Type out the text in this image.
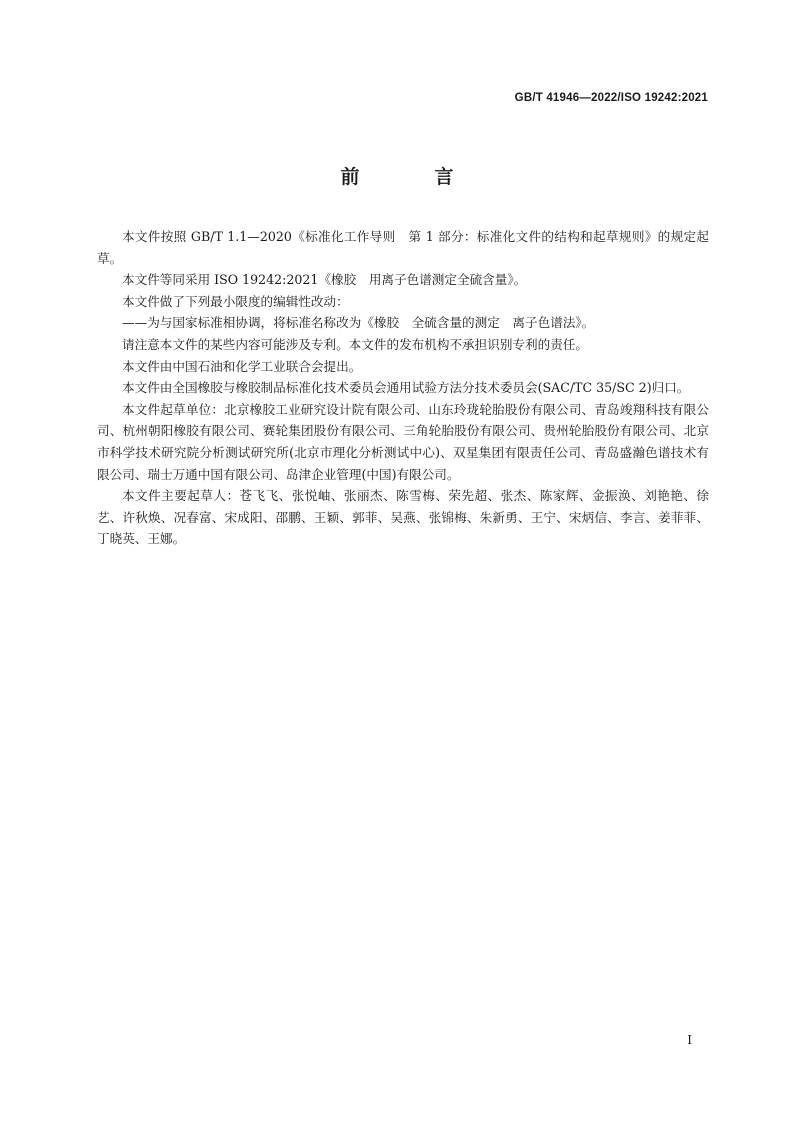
GB/T 41946—2022/ISO 19242:2021
前　言

本文件按照 GB/T 1.1—2020《标准化工作导则　第 1 部分：标准化文件的结构和起草规则》的规定起草。

本文件等同采用 ISO 19242:2021《橡胶　用离子色谱测定全硫含量》。

本文件做了下列最小限度的编辑性改动：

——为与国家标准相协调，将标准名称改为《橡胶　全硫含量的测定　离子色谱法》。

请注意本文件的某些内容可能涉及专利。本文件的发布机构不承担识别专利的责任。

本文件由中国石油和化学工业联合会提出。

本文件由全国橡胶与橡胶制品标准化技术委员会通用试验方法分技术委员会(SAC/TC 35/SC 2)归口。

本文件起草单位：北京橡胶工业研究设计院有限公司、山东玲珑轮胎股份有限公司、青岛竣翔科技有限公司、杭州朝阳橡胶有限公司、赛轮集团股份有限公司、三角轮胎股份有限公司、贵州轮胎股份有限公司、北京市科学技术研究院分析测试研究所(北京市理化分析测试中心)、双星集团有限责任公司、青岛盛瀚色谱技术有限公司、瑞士万通中国有限公司、岛津企业管理(中国)有限公司。

本文件主要起草人：苍飞飞、张悦岫、张丽杰、陈雪梅、荣先超、张杰、陈家辉、金振涣、刘艳艳、徐艺、许秋焕、况春富、宋成阳、邵鹏、王颖、郭菲、吴燕、张锦梅、朱新勇、王宁、宋炳信、李言、姜菲菲、丁晓英、王娜。

I
